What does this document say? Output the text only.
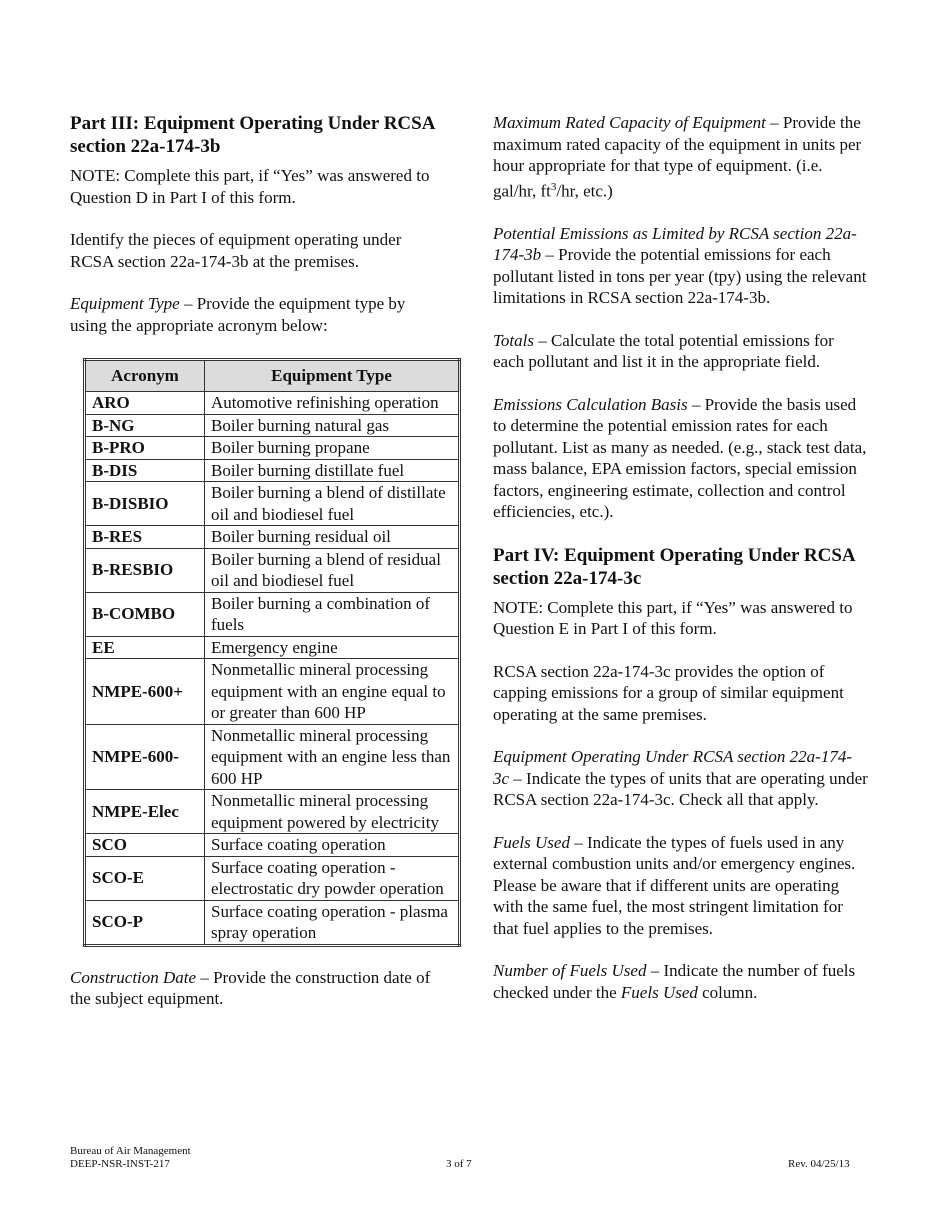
Part III: Equipment Operating Under RCSA section 22a-174-3b

NOTE: Complete this part, if “Yes” was answered to Question D in Part I of this form.

Identify the pieces of equipment operating under RCSA section 22a-174-3b at the premises.

Equipment Type – Provide the equipment type by using the appropriate acronym below:

Acronym	Equipment Type
ARO	Automotive refinishing operation
B-NG	Boiler burning natural gas
B-PRO	Boiler burning propane
B-DIS	Boiler burning distillate fuel
B-DISBIO	Boiler burning a blend of distillate oil and biodiesel fuel
B-RES	Boiler burning residual oil
B-RESBIO	Boiler burning a blend of residual oil and biodiesel fuel
B-COMBO	Boiler burning a combination of fuels
EE	Emergency engine
NMPE-600+	Nonmetallic mineral processing equipment with an engine equal to or greater than 600 HP
NMPE-600-	Nonmetallic mineral processing equipment with an engine less than 600 HP
NMPE-Elec	Nonmetallic mineral processing equipment powered by electricity
SCO	Surface coating operation
SCO-E	Surface coating operation - electrostatic dry powder operation
SCO-P	Surface coating operation - plasma spray operation

Construction Date – Provide the construction date of the subject equipment.

Maximum Rated Capacity of Equipment – Provide the maximum rated capacity of the equipment in units per hour appropriate for that type of equipment. (i.e. gal/hr, $ft^3/hr$, etc.)

Potential Emissions as Limited by RCSA section 22a-174-3b – Provide the potential emissions for each pollutant listed in tons per year (tpy) using the relevant limitations in RCSA section 22a-174-3b.

Totals – Calculate the total potential emissions for each pollutant and list it in the appropriate field.

Emissions Calculation Basis – Provide the basis used to determine the potential emission rates for each pollutant. List as many as needed. (e.g., stack test data, mass balance, EPA emission factors, special emission factors, engineering estimate, collection and control efficiencies, etc.).

Part IV: Equipment Operating Under RCSA section 22a-174-3c

NOTE: Complete this part, if “Yes” was answered to Question E in Part I of this form.

RCSA section 22a-174-3c provides the option of capping emissions for a group of similar equipment operating at the same premises.

Equipment Operating Under RCSA section 22a-174-3c – Indicate the types of units that are operating under RCSA section 22a-174-3c. Check all that apply.

Fuels Used – Indicate the types of fuels used in any external combustion units and/or emergency engines. Please be aware that if different units are operating with the same fuel, the most stringent limitation for that fuel applies to the premises.

Number of Fuels Used – Indicate the number of fuels checked under the Fuels Used column.

Bureau of Air Management
DEEP-NSR-INST-217	3 of 7	Rev. 04/25/13
